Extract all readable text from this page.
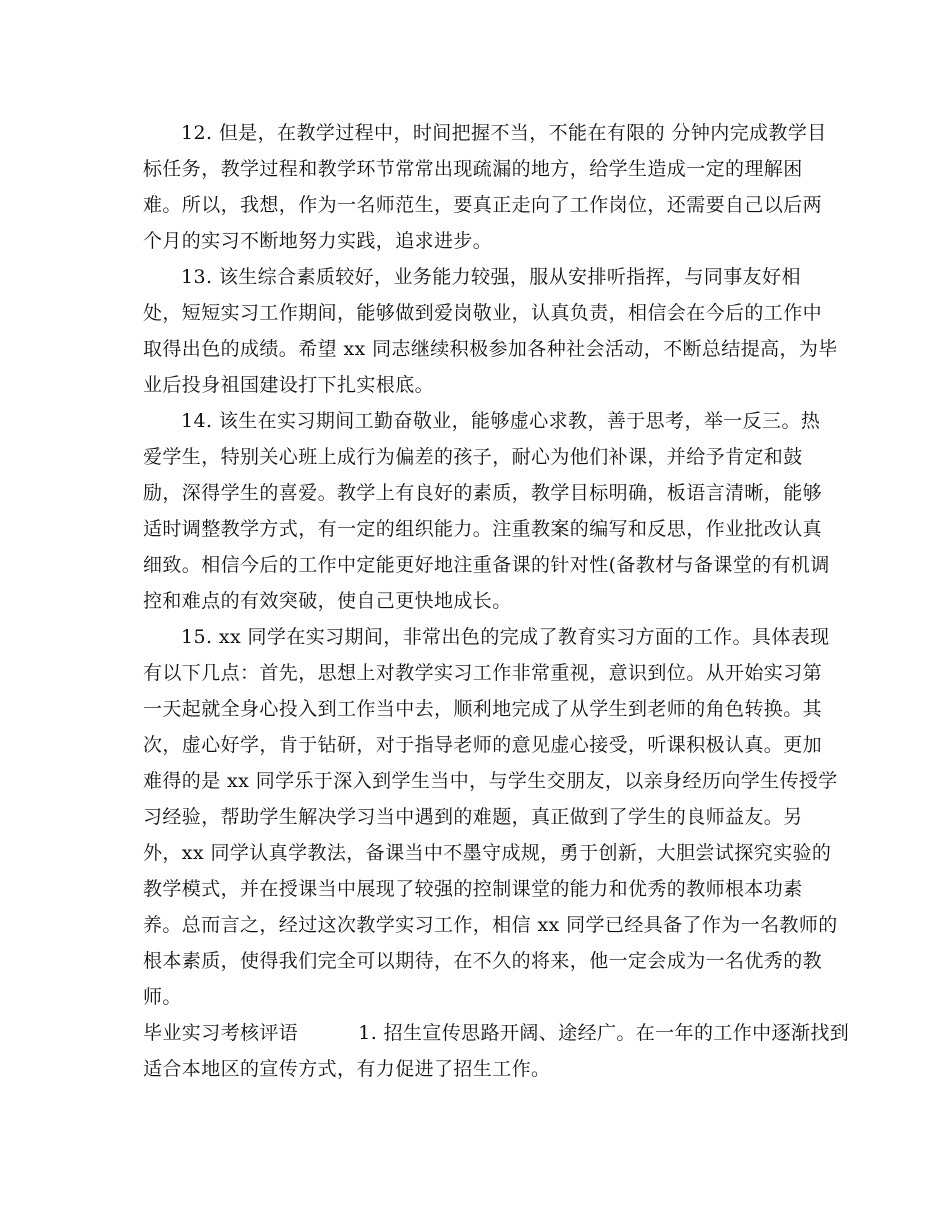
12. 但是，在教学过程中，时间把握不当，不能在有限的 分钟内完成教学目
标任务，教学过程和教学环节常常出现疏漏的地方，给学生造成一定的理解困
难。所以，我想，作为一名师范生，要真正走向了工作岗位，还需要自己以后两
个月的实习不断地努力实践，追求进步。
13. 该生综合素质较好，业务能力较强，服从安排听指挥，与同事友好相
处，短短实习工作期间，能够做到爱岗敬业，认真负责，相信会在今后的工作中
取得出色的成绩。希望 xx 同志继续积极参加各种社会活动，不断总结提高，为毕
业后投身祖国建设打下扎实根底。
14. 该生在实习期间工勤奋敬业，能够虚心求教，善于思考，举一反三。热
爱学生，特别关心班上成行为偏差的孩子，耐心为他们补课，并给予肯定和鼓
励，深得学生的喜爱。教学上有良好的素质，教学目标明确，板语言清晰，能够
适时调整教学方式，有一定的组织能力。注重教案的编写和反思，作业批改认真
细致。相信今后的工作中定能更好地注重备课的针对性(备教材与备课堂的有机调
控和难点的有效突破，使自己更快地成长。
15. xx 同学在实习期间，非常出色的完成了教育实习方面的工作。具体表现
有以下几点：首先，思想上对教学实习工作非常重视，意识到位。从开始实习第
一天起就全身心投入到工作当中去，顺利地完成了从学生到老师的角色转换。其
次，虚心好学，肯于钻研，对于指导老师的意见虚心接受，听课积极认真。更加
难得的是 xx 同学乐于深入到学生当中，与学生交朋友，以亲身经历向学生传授学
习经验，帮助学生解决学习当中遇到的难题，真正做到了学生的良师益友。另
外，xx 同学认真学教法，备课当中不墨守成规，勇于创新，大胆尝试探究实验的
教学模式，并在授课当中展现了较强的控制课堂的能力和优秀的教师根本功素
养。总而言之，经过这次教学实习工作，相信 xx 同学已经具备了作为一名教师的
根本素质，使得我们完全可以期待，在不久的将来，他一定会成为一名优秀的教
师。
毕业实习考核评语	1. 招生宣传思路开阔、途经广。在一年的工作中逐渐找到
适合本地区的宣传方式，有力促进了招生工作。
